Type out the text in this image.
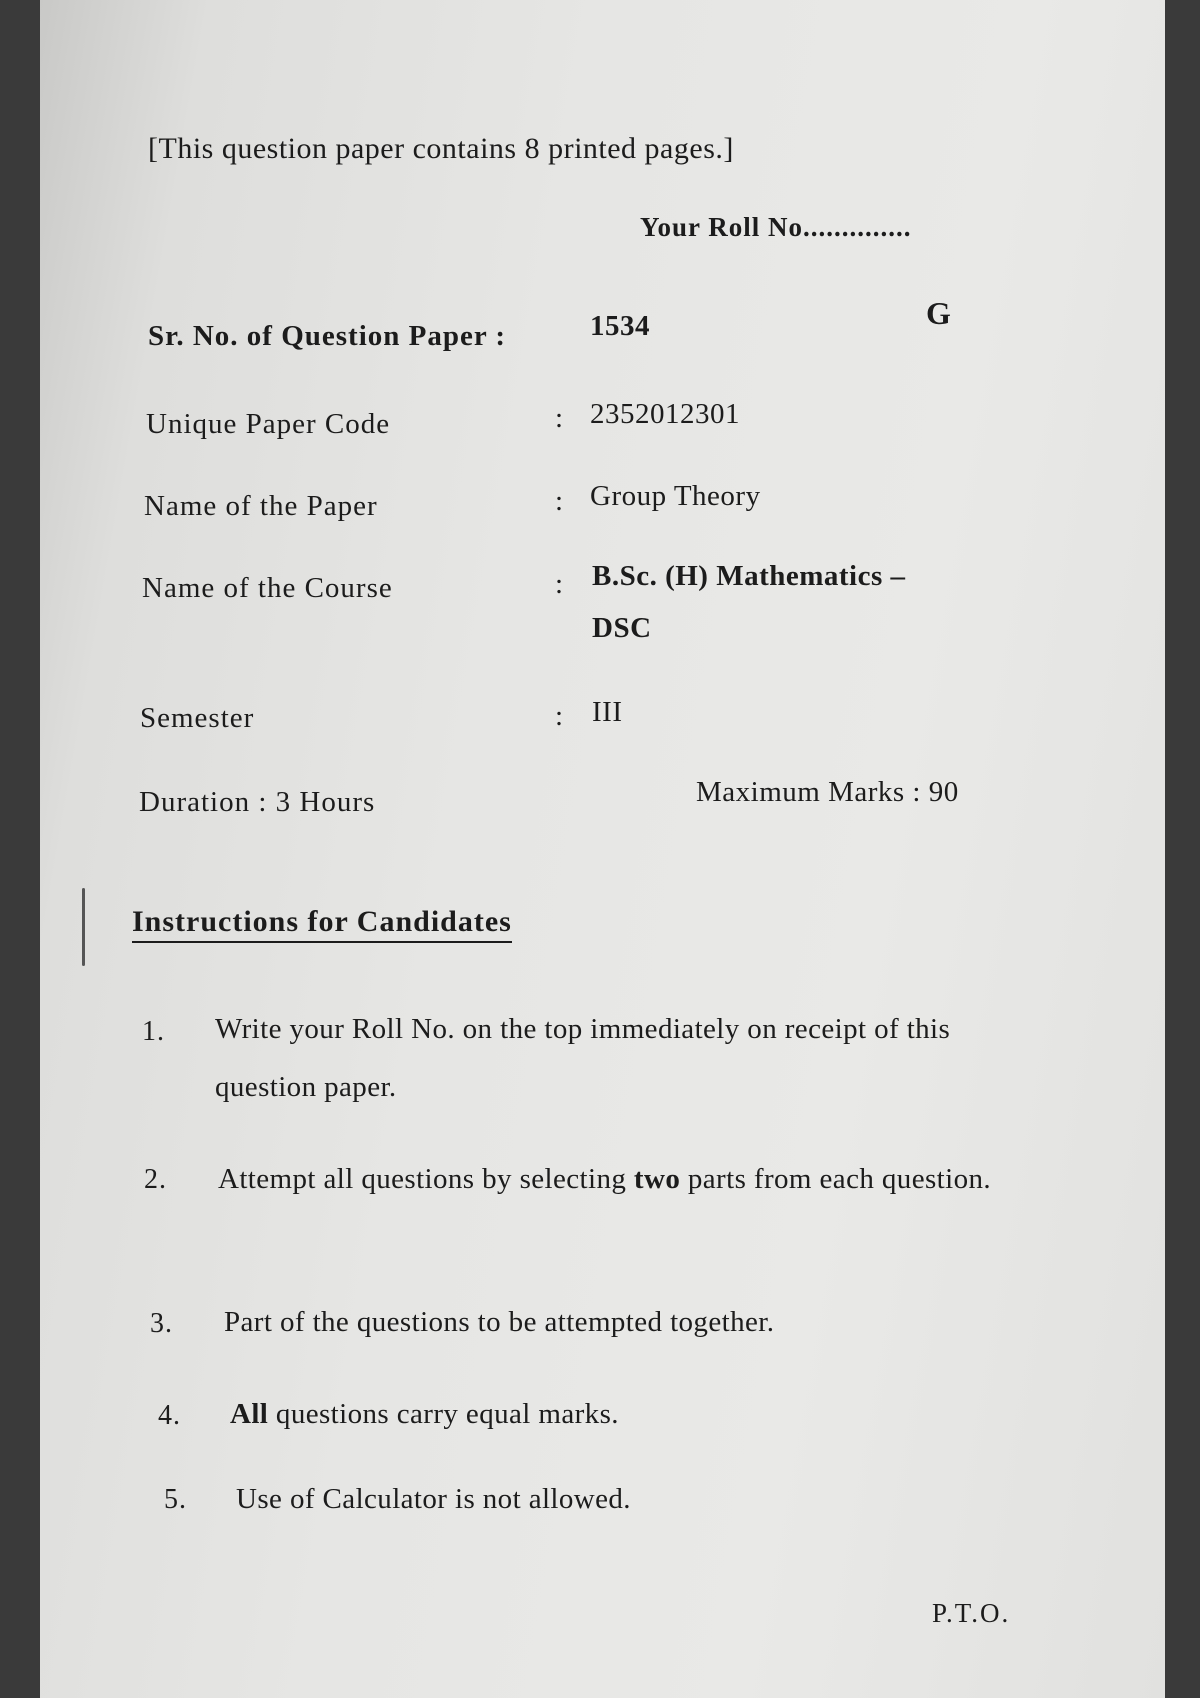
[This question paper contains 8 printed pages.]
Your Roll No..............
Sr. No. of Question Paper :	1534	G
Unique Paper Code	: 2352012301
Name of the Paper	: Group Theory
Name of the Course	: B.Sc. (H) Mathematics –
DSC
Semester	: III
Duration : 3 Hours	Maximum Marks : 90
Instructions for Candidates
1. Write your Roll No. on the top immediately on receipt of this question paper.
2. Attempt all questions by selecting two parts from each question.
3. Part of the questions to be attempted together.
4. All questions carry equal marks.
5. Use of Calculator is not allowed.
P.T.O.
